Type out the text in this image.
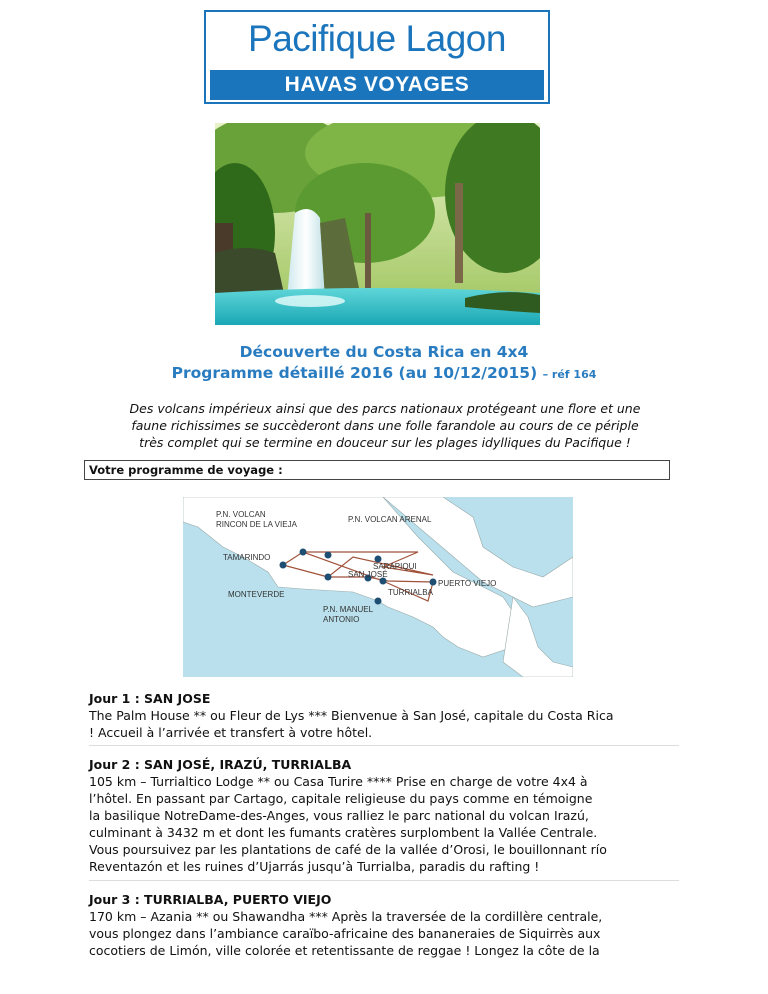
Pacifique Lagon
HAVAS VOYAGES
Découverte du Costa Rica en 4x4
Programme détaillé 2016 (au 10/12/2015) – réf 164
Des volcans impérieux ainsi que des parcs nationaux protégeant une flore et une
faune richissimes se succèderont dans une folle farandole au cours de ce périple
très complet qui se termine en douceur sur les plages idylliques du Pacifique !
Votre programme de voyage :
P.N. VOLCAN
RINCON DE LA VIEJA
P.N. VOLCAN ARENAL
SARAPIQUI
TAMARINDO
SAN JOSÉ
PUERTO VIEJO
TURRIALBA
MONTEVERDE
P.N. MANUEL
ANTONIO
Jour 1 : SAN JOSE
The Palm House ** ou Fleur de Lys *** Bienvenue à San José, capitale du Costa Rica
! Accueil à l’arrivée et transfert à votre hôtel.
Jour 2 : SAN JOSÉ, IRAZÚ, TURRIALBA
105 km – Turrialtico Lodge ** ou Casa Turire **** Prise en charge de votre 4x4 à
l’hôtel. En passant par Cartago, capitale religieuse du pays comme en témoigne
la basilique NotreDame-des-Anges, vous ralliez le parc national du volcan Irazú,
culminant à 3432 m et dont les fumants cratères surplombent la Vallée Centrale.
Vous poursuivez par les plantations de café de la vallée d’Orosi, le bouillonnant río
Reventazón et les ruines d’Ujarrás jusqu’à Turrialba, paradis du rafting !
Jour 3 : TURRIALBA, PUERTO VIEJO
170 km – Azania ** ou Shawandha *** Après la traversée de la cordillère centrale,
vous plongez dans l’ambiance caraïbo-africaine des bananeraies de Siquirrès aux
cocotiers de Limón, ville colorée et retentissante de reggae ! Longez la côte de la
